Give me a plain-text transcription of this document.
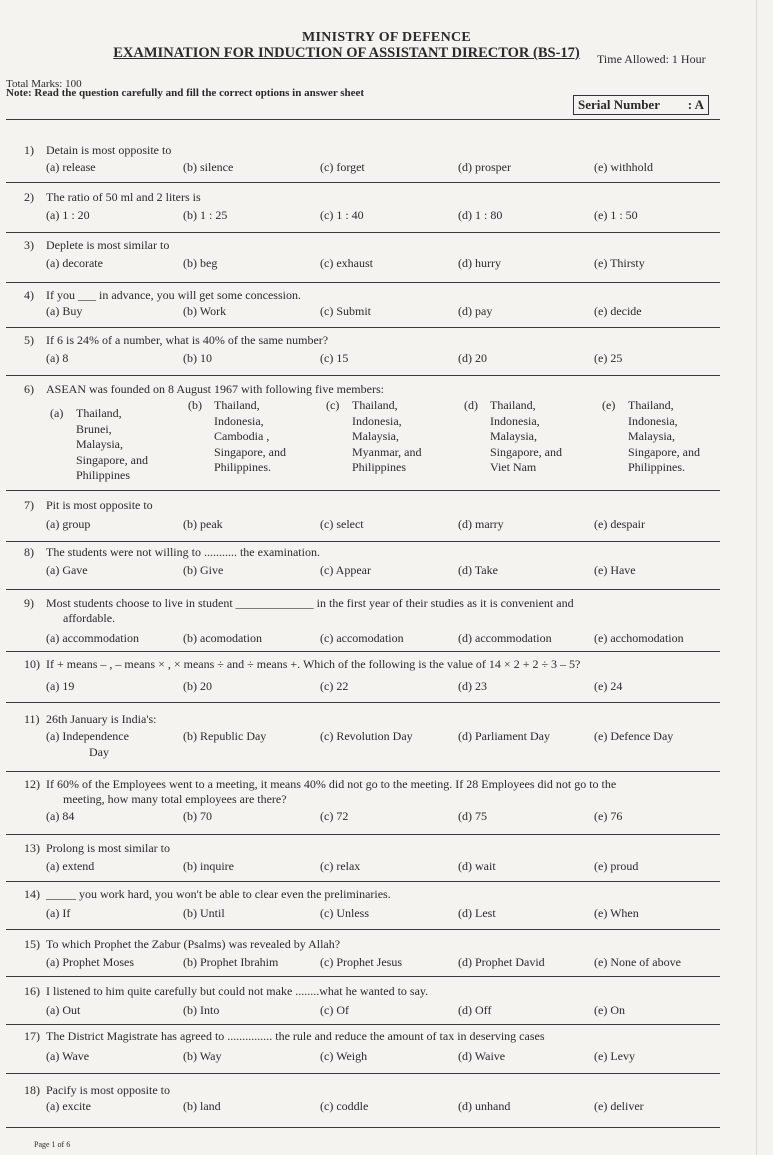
MINISTRY OF DEFENCE
EXAMINATION FOR INDUCTION OF ASSISTANT DIRECTOR (BS-17)	Time Allowed: 1 Hour
Total Marks: 100
Note: Read the question carefully and fill the correct options in answer sheet
Serial Number : A
1) Detain is most opposite to
(a) release	(b) silence	(c) forget	(d) prosper	(e) withhold
2) The ratio of 50 ml and 2 liters is
(a) 1 : 20	(b) 1 : 25	(c) 1 : 40	(d) 1 : 80	(e) 1 : 50
3) Deplete is most similar to
(a) decorate	(b) beg	(c) exhaust	(d) hurry	(e) Thirsty
4) If you ___ in advance, you will get some concession.
(a) Buy	(b) Work	(c) Submit	(d) pay	(e) decide
5) If 6 is 24% of a number, what is 40% of the same number?
(a) 8	(b) 10	(c) 15	(d) 20	(e) 25
6) ASEAN was founded on 8 August 1967 with following five members:
(a) Thailand,
Brunei,
Malaysia,
Singapore, and
Philippines
(b) Thailand,
Indonesia,
Cambodia ,
Singapore, and
Philippines.
(c) Thailand,
Indonesia,
Malaysia,
Myanmar, and
Philippines
(d) Thailand,
Indonesia,
Malaysia,
Singapore, and
Viet Nam
(e) Thailand,
Indonesia,
Malaysia,
Singapore, and
Philippines.
7) Pit is most opposite to
(a) group	(b) peak	(c) select	(d) marry	(e) despair
8) The students were not willing to ........... the examination.
(a) Gave	(b) Give	(c) Appear	(d) Take	(e) Have
9) Most students choose to live in student _____________ in the first year of their studies as it is convenient and
affordable.
(a) accommodation	(b) acomodation	(c) accomodation	(d) accommodation	(e) acchomodation
10) If + means – , – means × , × means ÷ and ÷ means +. Which of the following is the value of 14 × 2 + 2 ÷ 3 – 5?
(a) 19	(b) 20	(c) 22	(d) 23	(e) 24
11) 26th January is India's:
(a) Independence	(b) Republic Day	(c) Revolution Day	(d) Parliament Day	(e) Defence Day
Day
12) If 60% of the Employees went to a meeting, it means 40% did not go to the meeting. If 28 Employees did not go to the
meeting, how many total employees are there?
(a) 84	(b) 70	(c) 72	(d) 75	(e) 76
13) Prolong is most similar to
(a) extend	(b) inquire	(c) relax	(d) wait	(e) proud
14) _____ you work hard, you won't be able to clear even the preliminaries.
(a) If	(b) Until	(c) Unless	(d) Lest	(e) When
15) To which Prophet the Zabur (Psalms) was revealed by Allah?
(a) Prophet Moses	(b) Prophet Ibrahim	(c) Prophet Jesus	(d) Prophet David	(e) None of above
16) I listened to him quite carefully but could not make ........what he wanted to say.
(a) Out	(b) Into	(c) Of	(d) Off	(e) On
17) The District Magistrate has agreed to ............... the rule and reduce the amount of tax in deserving cases
(a) Wave	(b) Way	(c) Weigh	(d) Waive	(e) Levy
18) Pacify is most opposite to
(a) excite	(b) land	(c) coddle	(d) unhand	(e) deliver
Page 1 of 6
